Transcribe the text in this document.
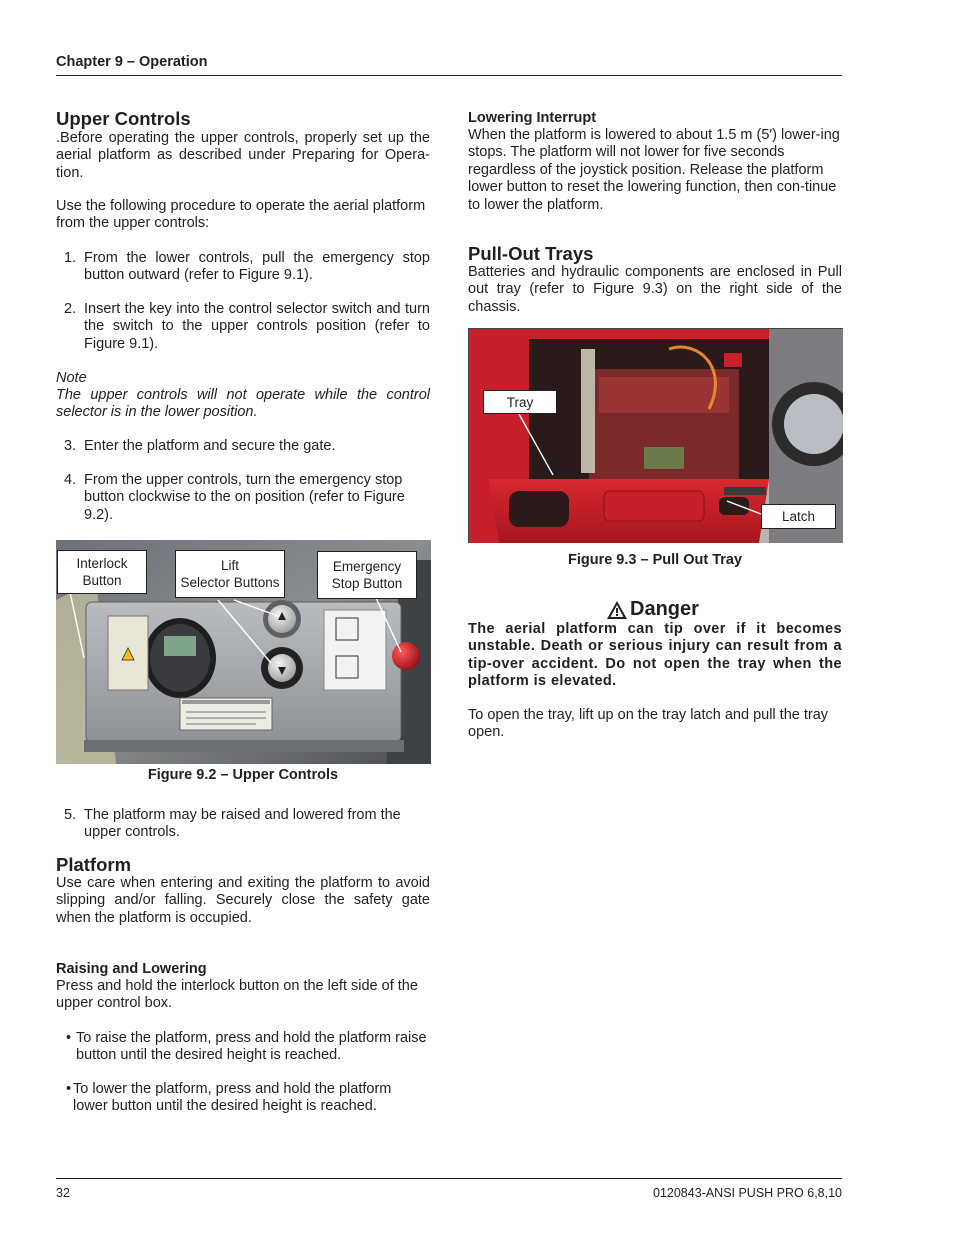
Chapter 9 – Operation
Upper Controls

.Before operating the upper controls, properly set up the aerial platform as described under Preparing for Opera-tion.

Use the following procedure to operate the aerial platform from the upper controls:

1. From the lower controls, pull the emergency stop button outward (refer to Figure 9.1).
2. Insert the key into the control selector switch and turn the switch to the upper controls position (refer to Figure 9.1).

Note

The upper controls will not operate while the control selector is in the lower position.

3. Enter the platform and secure the gate.
4. From the upper controls, turn the emergency stop button clockwise to the on position (refer to Figure 9.2).
Interlock
Button
Lift
Selector Buttons
Emergency
Stop Button
Figure 9.2 – Upper Controls
5. The platform may be raised and lowered from the upper controls.
Platform

Use care when entering and exiting the platform to avoid slipping and/or falling. Securely close the safety gate when the platform is occupied.

Raising and Lowering

Press and hold the interlock button on the left side of the upper control box.

• To raise the platform, press and hold the platform raise button until the desired height is reached.
• To lower the platform, press and hold the platform lower button until the desired height is reached.
Lowering Interrupt

When the platform is lowered to about 1.5 m (5′) lower-ing stops. The platform will not lower for five seconds regardless of the joystick position. Release the platform lower button to reset the lowering function, then con-tinue to lower the platform.

Pull-Out Trays

Batteries and hydraulic components are enclosed in Pull out tray (refer to Figure 9.3) on the right side of the chassis.

Tray
Latch
Figure 9.3 – Pull Out Tray
Danger

The aerial platform can tip over if it becomes unstable. Death or serious injury can result from a tip-over accident. Do not open the tray when the platform is elevated.

To open the tray, lift up on the tray latch and pull the tray open.

32	0120843-ANSI PUSH PRO 6,8,10
